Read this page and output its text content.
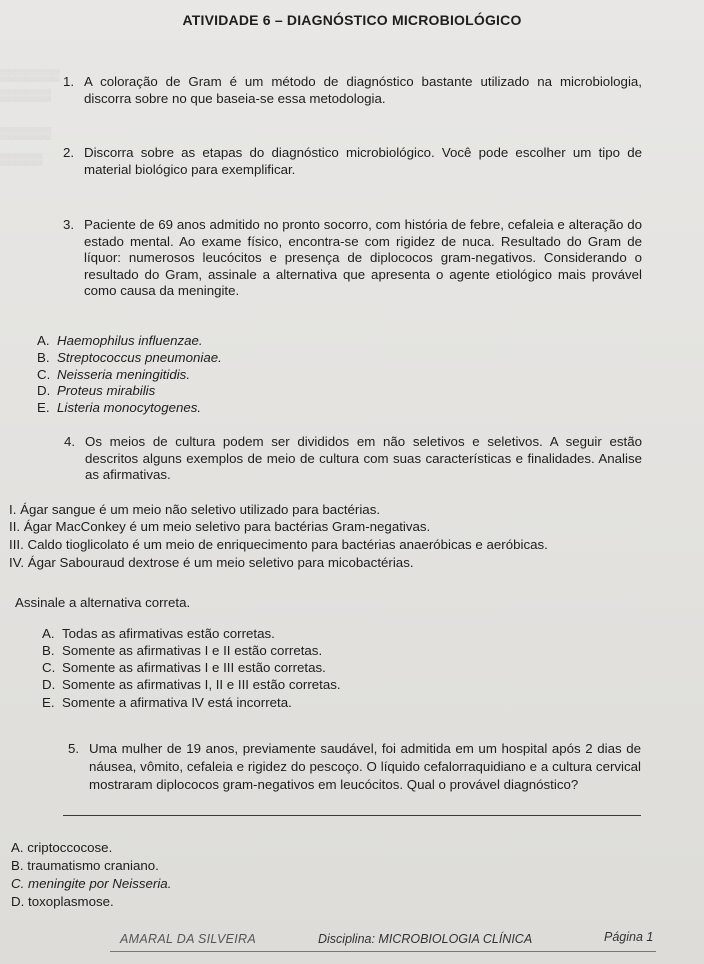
▒▒▒▒▒▒▒
▒▒▒▒▒▒
▒▒▒▒▒▒
▒▒▒▒▒
ATIVIDADE 6 – DIAGNÓSTICO MICROBIOLÓGICO
1. A coloração de Gram é um método de diagnóstico bastante utilizado na microbiologia, discorra sobre no que baseia-se essa metodologia.
2. Discorra sobre as etapas do diagnóstico microbiológico. Você pode escolher um tipo de material biológico para exemplificar.
3. Paciente de 69 anos admitido no pronto socorro, com história de febre, cefaleia e alteração do estado mental. Ao exame físico, encontra-se com rigidez de nuca. Resultado do Gram de líquor: numerosos leucócitos e presença de diplococos gram-negativos. Considerando o resultado do Gram, assinale a alternativa que apresenta o agente etiológico mais provável como causa da meningite.
A. Haemophilus influenzae.
B. Streptococcus pneumoniae.
C. Neisseria meningitidis.
D. Proteus mirabilis
E. Listeria monocytogenes.
4. Os meios de cultura podem ser divididos em não seletivos e seletivos. A seguir estão descritos alguns exemplos de meio de cultura com suas características e finalidades. Analise as afirmativas.
I. Ágar sangue é um meio não seletivo utilizado para bactérias.
II. Ágar MacConkey é um meio seletivo para bactérias Gram-negativas.
III. Caldo tioglicolato é um meio de enriquecimento para bactérias anaeróbicas e aeróbicas.
IV. Ágar Sabouraud dextrose é um meio seletivo para micobactérias.
Assinale a alternativa correta.
A. Todas as afirmativas estão corretas.
B. Somente as afirmativas I e II estão corretas.
C. Somente as afirmativas I e III estão corretas.
D. Somente as afirmativas I, II e III estão corretas.
E. Somente a afirmativa IV está incorreta.
5. Uma mulher de 19 anos, previamente saudável, foi admitida em um hospital após 2 dias de náusea, vômito, cefaleia e rigidez do pescoço. O líquido cefalorraquidiano e a cultura cervical mostraram diplococos gram-negativos em leucócitos. Qual o provável diagnóstico?
A. criptoccocose.
B. traumatismo craniano.
C. meningite por Neisseria.
D. toxoplasmose.
AMARAL DA SILVEIRA	Disciplina: MICROBIOLOGIA CLÍNICA	Página 1
